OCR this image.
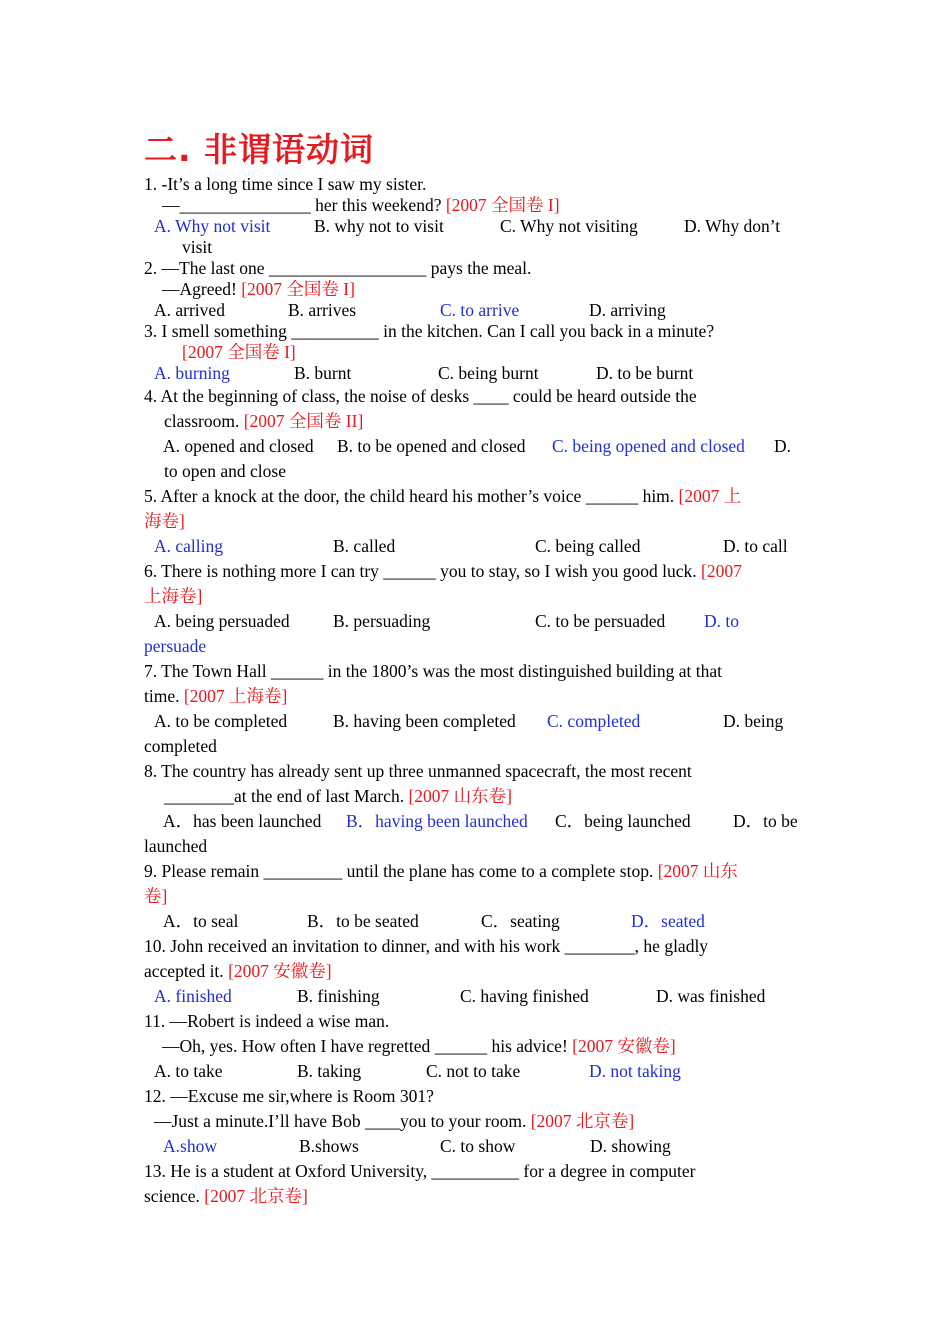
二. 非谓语动词
1. -It’s a long time since I saw my sister.
—_______________ her this weekend? [2007 全国卷 I]
A. Why not visit B. why not to visit	C. Why not visiting	D. Why don’t
visit
2. —The last one __________________ pays the meal.
—Agreed! [2007 全国卷 I]
A. arrived	B. arrives	C. to arrive	D. arriving
3. I smell something __________ in the kitchen. Can I call you back in a minute?
[2007 全国卷 I]
A. burning	B. burnt	C. being burnt	D. to be burnt
4. At the beginning of class, the noise of desks ____ could be heard outside the
classroom. [2007 全国卷 II]
A. opened and closed B. to be opened and closed C. being opened and closed D.
to open and close
5. After a knock at the door, the child heard his mother’s voice ______ him. [2007 上
海卷]
A. calling	B. called	C. being called	D. to call
6. There is nothing more I can try ______ you to stay, so I wish you good luck. [2007
上海卷]
A. being persuaded B. persuading	C. to be persuaded D. to
persuade
7. The Town Hall ______ in the 1800’s was the most distinguished building at that
time. [2007 上海卷]
A. to be completed	B. having been completed C. completed	D. being
completed
8. The country has already sent up three unmanned spacecraft, the most recent
________at the end of last March. [2007 山东卷]
A．has been launched B．having been launched C．being launched D．to be
launched
9. Please remain _________ until the plane has come to a complete stop. [2007 山东
卷]
A．to seal	B．to be seated	C．seating	D．seated
10. John received an invitation to dinner, and with his work ________, he gladly
accepted it. [2007 安徽卷]
A. finished	B. finishing	C. having finished	D. was finished
11. —Robert is indeed a wise man.
—Oh, yes. How often I have regretted ______ his advice! [2007 安徽卷]
A. to take	B. taking	C. not to take	D. not taking
12. —Excuse me sir,where is Room 301?
—Just a minute.I’ll have Bob ____you to your room. [2007 北京卷]
A.show	B.shows	C. to show	D. showing
13. He is a student at Oxford University, __________ for a degree in computer
science. [2007 北京卷]
